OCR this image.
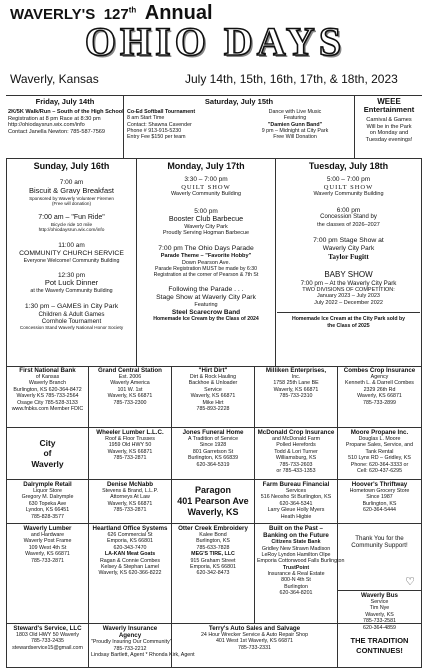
WAVERLY'S 127th Annual
OHIO DAYS
Waverly, Kansas	July 14th, 15th, 16th, 17th, & 18th, 2023
Friday, July 14th
2K/5K Walk/Run – South of the High School
Registration at 8 pm Race at 8:30 pm
http://ohiodaysrun.wix.com/info
Contact Janella Newton: 785-587-7569
Saturday, July 15th
Co-Ed Softball Tournament
8 am Start Time
Contact: Shawna Cavender
Phone # 913-915-5230
Entry Fee $150 per team
Dance with Live Music
Featuring
"Damien Gunn Band"
9 pm – Midnight at City Park
Free Will Donation
WEEE
Entertainment
Carnival & Games
Will be in the Park
on Monday and
Tuesday evenings!
Sunday, July 16th
7:00 am
Biscuit & Gravy Breakfast
Sponsored by Waverly Volunteer Firemen
(Free will donation)
7:00 am – "Fun Ride"
Bicycle ride 10 mile
http://ohiodaysrun.wix.com/info
11:00 am
COMMUNITY CHURCH SERVICE
Everyone Welcome! Community Building
12:30 pm
Pot Luck Dinner
at the Waverly Community Building
1:30 pm – GAMES in City Park
Children & Adult Games
Cornhole Tournament
Concession Stand Waverly National Honor Society
Monday, July 17th
3:30 – 7:00 pm
QUILT SHOW
Waverly Community Building
5:00 pm
Booster Club Barbecue
Waverly City Park
Proudly Serving Hogman Barbecue
7:00 pm The Ohio Days Parade
Parade Theme – "Favorite Hobby"
Down Pearson Ave.
Parade Registration MUST be made by 6:30
Registration at the corner of Pearson & 7th St
Following the Parade . . .
Stage Show at Waverly City Park
Featuring
Steel Scarecrow Band
Homemade Ice Cream by the Class of 2024
Tuesday, July 18th
5:00 – 7:00 pm
QUILT SHOW
Waverly Community Building
6:00 pm
Concession Stand by
the classes of 2026–2027
7:00 pm Stage Show at
Waverly City Park
Taylor Fugitt
BABY SHOW
7:00 pm – At the Waverly City Park
TWO DIVISIONS OF COMPETITION:
January 2023 – July 2023
July 2022 – December 2022
Homemade Ice Cream at the City Park sold by
the Class of 2025
First National Bank
of Kansas
Waverly Branch
Burlington, KS 620-364-8472
Waverly KS 785-733-2564
Osage City 785-528-3133
www.fnbks.com Member FDIC
Grand Central Station
Est. 2006
Waverly America
101 W. 1st
Waverly, KS 66871
785-733-2300
"Hirt Dirt"
Dirt & Rock Hauling
Backhoe & Unloader
Service
Waverly, KS 66871
Mike Hirt
785-893-2228
Milliken Enterprises,
Inc.
1758 25th Lane BE
Waverly, KS 66871
785-733-2310
Combes Crop Insurance
Agency
Kenneth L. & Darrell Combes
2329 26th Rd
Waverly, KS 66871
785-733-2899
City
of
Waverly
Wheeler Lumber L.L.C.
Roof & Floor Trusses
1959 Old HWY 50
Waverly, KS 66871
785-733-2871
Jones Funeral Home
A Tradition of Service
Since 1928
801 Garretson St
Burlington, KS 66839
620-364-5319
McDonald Crop Insurance
and McDonald Farm
Polled Herefords
Todd & Lori Turner
Williamsburg, KS
785-733-2603
or 785-433-1353
Moore Propane Inc.
Douglas L. Moore
Propane Sales, Service, and
Tank Rental
510 Lynx RD – Gridley, KS
Phone: 620-364-3333 or
Cell: 620-437-6295
Dalrymple Retail
Liquor Store
Gregory M. Dalrymple
630 Topeka Ave
Lyndon, KS 66451
785-828-3577
Denise McNabb
Stevens & Brand, L.L.P.
Attorneys At Law
Waverly, KS 66871
785-733-2871
Paragon
401 Pearson Ave
Waverly, KS
Farm Bureau Financial
Services
516 Neosho St Burlington, KS
620-364-5341
Larry Gleue Holly Myers
Heath Higbie
Hoover's Thriftway
Hometown Grocery Store
Since 1987
Burlington, KS
620-364-5444
Waverly Lumber
and Hardware
Waverly Post Frame
109 West 4th St
Waverly, KS 66871
785-733-2871
Heartland Office Systems
626 Commercial St
Emporia, KS 66801
620-343-7470
LA-KAN Meat Goats
Ragan & Connie Combes
Kelsey & Stephan Lamel
Waverly, KS 620-366-8222
Otter Creek Embroidery
Kalee Bond
Burlington, KS
785-633-7828
MEG'S TIRE, LLC
915 Graham Street
Emporia, KS 66801
620-342-8473
Built on the Past – Banking on the Future
Citizens State Bank
Gridley New Strawn Madison
LeRoy Lyndon Hamilton Olpe
Emporia Cottonwood Falls Burlington
TrustPoint
Insurance & Real Estate
800-N 4th St
Burlington
620-364-8201
Thank You for the
Community Support!
♡
Waverly Bus
Service
Tim Nye
Waverly, KS
785-733-2581
620-364-4859
Steward's Service, LLC
1803 Old HWY 50 Waverly
785-733-2435
stewardservice15@gmail.com
Waverly Insurance Agency
"Proudly Insuring Our Community"
785-733-2212
Lindsay Bartlett, Agent * Rhonda Kirk, Agent
Terry's Auto Sales and Salvage
24 Hour Wrecker Service & Auto Repair Shop
401 West 1st Waverly, KS 66871
785-733-2331
THE TRADITION
CONTINUES!
